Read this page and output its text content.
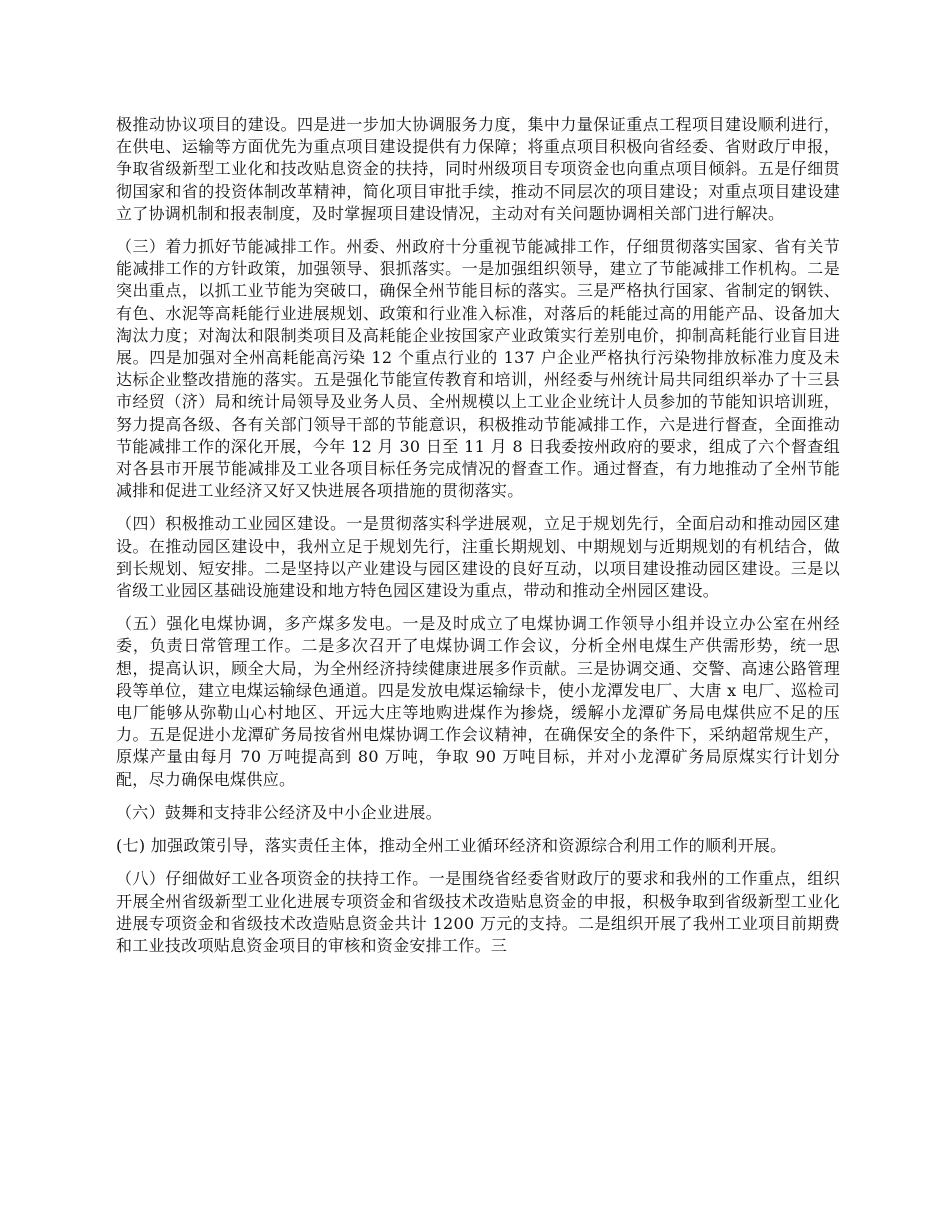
极推动协议项目的建设。四是进一步加大协调服务力度，集中力量保证重点工程项目建设顺利进行，在供电、运输等方面优先为重点项目建设提供有力保障；将重点项目积极向省经委、省财政厅申报，争取省级新型工业化和技改贴息资金的扶持，同时州级项目专项资金也向重点项目倾斜。五是仔细贯彻国家和省的投资体制改革精神，简化项目审批手续，推动不同层次的项目建设；对重点项目建设建立了协调机制和报表制度，及时掌握项目建设情况，主动对有关问题协调相关部门进行解决。

（三）着力抓好节能减排工作。州委、州政府十分重视节能减排工作，仔细贯彻落实国家、省有关节能减排工作的方针政策，加强领导、狠抓落实。一是加强组织领导，建立了节能减排工作机构。二是突出重点，以抓工业节能为突破口，确保全州节能目标的落实。三是严格执行国家、省制定的钢铁、有色、水泥等高耗能行业进展规划、政策和行业准入标准，对落后的耗能过高的用能产品、设备加大淘汰力度；对淘汰和限制类项目及高耗能企业按国家产业政策实行差别电价，抑制高耗能行业盲目进展。四是加强对全州高耗能高污染 12 个重点行业的 137 户企业严格执行污染物排放标准力度及未达标企业整改措施的落实。五是强化节能宣传教育和培训，州经委与州统计局共同组织举办了十三县市经贸（济）局和统计局领导及业务人员、全州规模以上工业企业统计人员参加的节能知识培训班，努力提高各级、各有关部门领导干部的节能意识，积极推动节能减排工作，六是进行督查，全面推动节能减排工作的深化开展，今年 12 月 30 日至 11 月 8 日我委按州政府的要求，组成了六个督查组对各县市开展节能减排及工业各项目标任务完成情况的督查工作。通过督查，有力地推动了全州节能减排和促进工业经济又好又快进展各项措施的贯彻落实。

（四）积极推动工业园区建设。一是贯彻落实科学进展观，立足于规划先行，全面启动和推动园区建设。在推动园区建设中，我州立足于规划先行，注重长期规划、中期规划与近期规划的有机结合，做到长规划、短安排。二是坚持以产业建设与园区建设的良好互动，以项目建设推动园区建设。三是以省级工业园区基础设施建设和地方特色园区建设为重点，带动和推动全州园区建设。

（五）强化电煤协调，多产煤多发电。一是及时成立了电煤协调工作领导小组并设立办公室在州经委，负责日常管理工作。二是多次召开了电煤协调工作会议，分析全州电煤生产供需形势，统一思想，提高认识，顾全大局，为全州经济持续健康进展多作贡献。三是协调交通、交警、高速公路管理段等单位，建立电煤运输绿色通道。四是发放电煤运输绿卡，使小龙潭发电厂、大唐 x 电厂、巡检司电厂能够从弥勒山心村地区、开远大庄等地购进煤作为掺烧，缓解小龙潭矿务局电煤供应不足的压力。五是促进小龙潭矿务局按省州电煤协调工作会议精神，在确保安全的条件下，采纳超常规生产，原煤产量由每月 70 万吨提高到 80 万吨，争取 90 万吨目标，并对小龙潭矿务局原煤实行计划分配，尽力确保电煤供应。

（六）鼓舞和支持非公经济及中小企业进展。

(七) 加强政策引导，落实责任主体，推动全州工业循环经济和资源综合利用工作的顺利开展。

（八）仔细做好工业各项资金的扶持工作。一是围绕省经委省财政厅的要求和我州的工作重点，组织开展全州省级新型工业化进展专项资金和省级技术改造贴息资金的申报，积极争取到省级新型工业化进展专项资金和省级技术改造贴息资金共计 1200 万元的支持。二是组织开展了我州工业项目前期费和工业技改项贴息资金项目的审核和资金安排工作。三
